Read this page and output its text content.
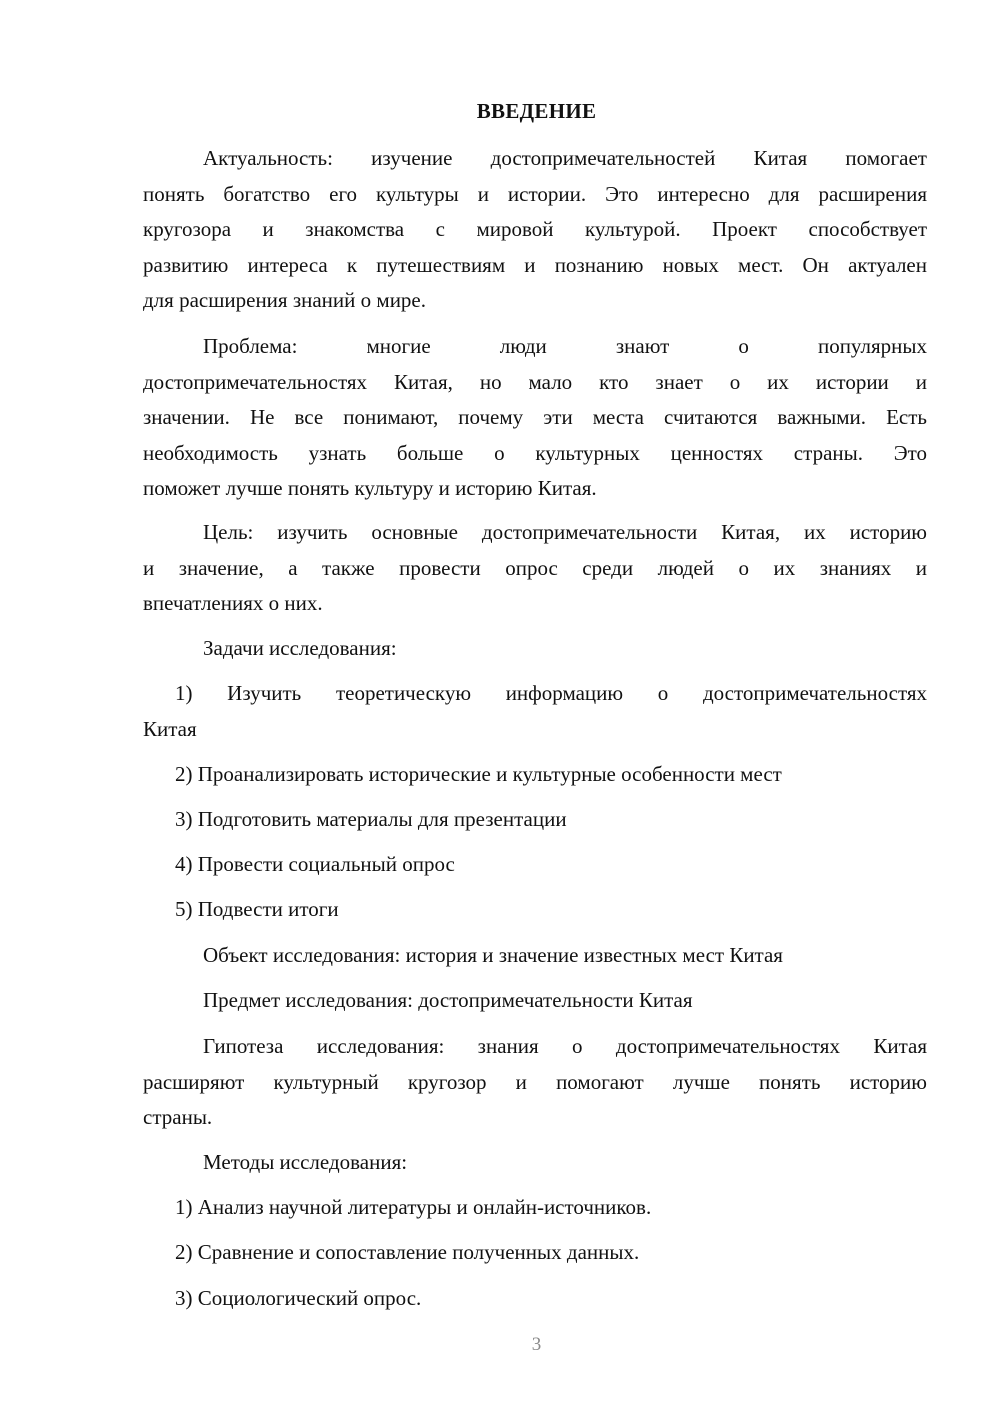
ВВЕДЕНИЕ
Актуальность: изучение достопримечательностей Китая помогает
понять богатство его культуры и истории. Это интересно для расширения
кругозора и знакомства с мировой культурой. Проект способствует
развитию интереса к путешествиям и познанию новых мест. Он актуален
для расширения знаний о мире.
Проблема: многие люди знают о популярных
достопримечательностях Китая, но мало кто знает о их истории и
значении. Не все понимают, почему эти места считаются важными. Есть
необходимость узнать больше о культурных ценностях страны. Это
поможет лучше понять культуру и историю Китая.
Цель: изучить основные достопримечательности Китая, их историю
и значение, а также провести опрос среди людей о их знаниях и
впечатлениях о них.
Задачи исследования:
1) Изучить теоретическую информацию о достопримечательностях
Китая
2) Проанализировать исторические и культурные особенности мест
3) Подготовить материалы для презентации
4) Провести социальный опрос
5) Подвести итоги
Объект исследования: история и значение известных мест Китая
Предмет исследования: достопримечательности Китая
Гипотеза исследования: знания о достопримечательностях Китая
расширяют культурный кругозор и помогают лучше понять историю
страны.
Методы исследования:
1) Анализ научной литературы и онлайн-источников.
2) Сравнение и сопоставление полученных данных.
3) Социологический опрос.
3
